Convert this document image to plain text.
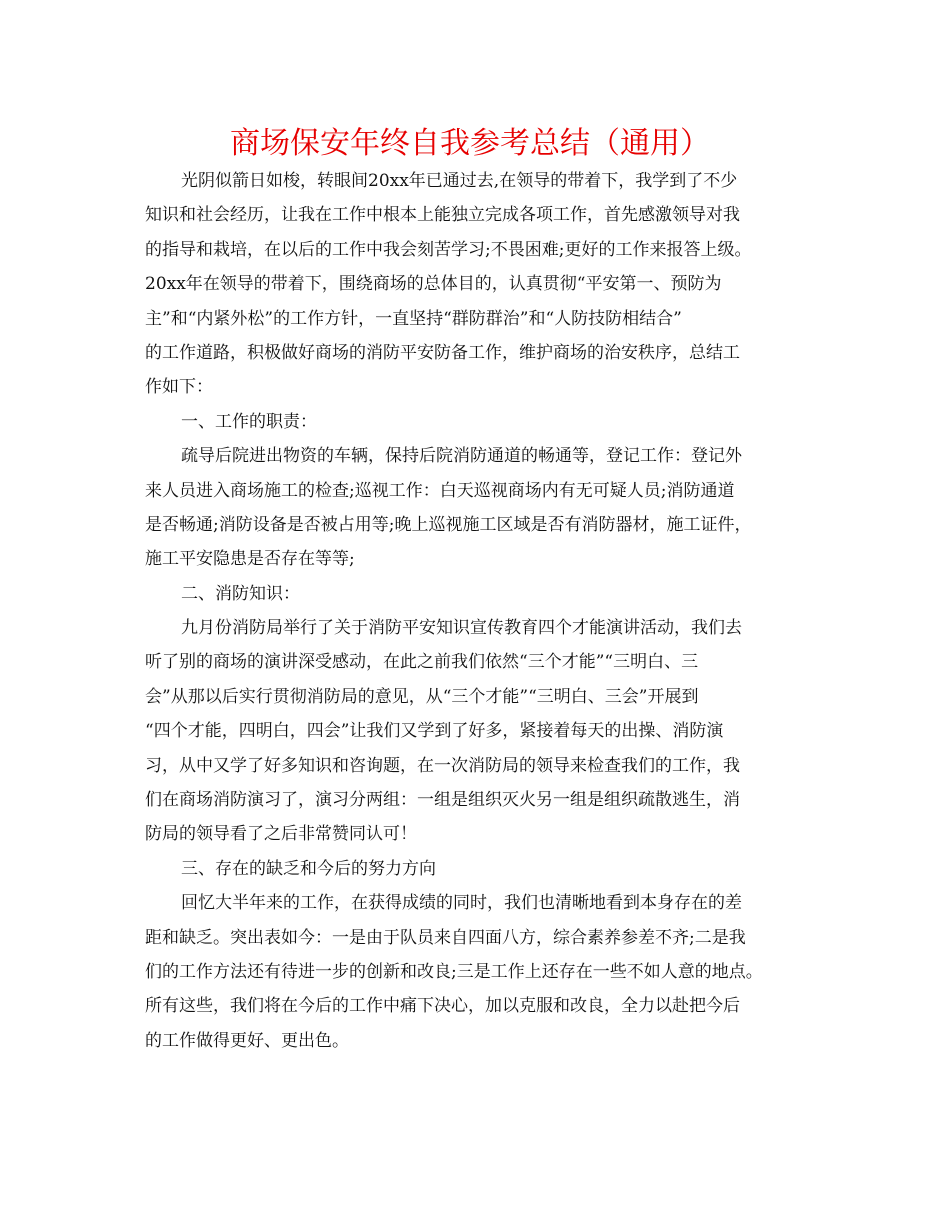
商场保安年终自我参考总结（通用）
光阴似箭日如梭，转眼间20xx年已通过去,在领导的带着下，我学到了不少
知识和社会经历，让我在工作中根本上能独立完成各项工作，首先感激领导对我
的指导和栽培，在以后的工作中我会刻苦学习;不畏困难;更好的工作来报答上级。
20xx年在领导的带着下，围绕商场的总体目的，认真贯彻“平安第一、预防为
主”和“内紧外松”的工作方针，一直坚持“群防群治”和“人防技防相结合”
的工作道路，积极做好商场的消防平安防备工作，维护商场的治安秩序，总结工
作如下：
一、工作的职责：
疏导后院进出物资的车辆，保持后院消防通道的畅通等，登记工作：登记外
来人员进入商场施工的检查;巡视工作：白天巡视商场内有无可疑人员;消防通道
是否畅通;消防设备是否被占用等;晚上巡视施工区域是否有消防器材，施工证件，
施工平安隐患是否存在等等;
二、消防知识：
九月份消防局举行了关于消防平安知识宣传教育四个才能演讲活动，我们去
听了别的商场的演讲深受感动，在此之前我们依然“三个才能”“三明白、三
会”从那以后实行贯彻消防局的意见，从“三个才能”“三明白、三会”开展到
“四个才能，四明白，四会”让我们又学到了好多，紧接着每天的出操、消防演
习，从中又学了好多知识和咨询题，在一次消防局的领导来检查我们的工作，我
们在商场消防演习了，演习分两组：一组是组织灭火另一组是组织疏散逃生，消
防局的领导看了之后非常赞同认可！
三、存在的缺乏和今后的努力方向
回忆大半年来的工作，在获得成绩的同时，我们也清晰地看到本身存在的差
距和缺乏。突出表如今：一是由于队员来自四面八方，综合素养参差不齐;二是我
们的工作方法还有待进一步的创新和改良;三是工作上还存在一些不如人意的地点。
所有这些，我们将在今后的工作中痛下决心，加以克服和改良，全力以赴把今后
的工作做得更好、更出色。
